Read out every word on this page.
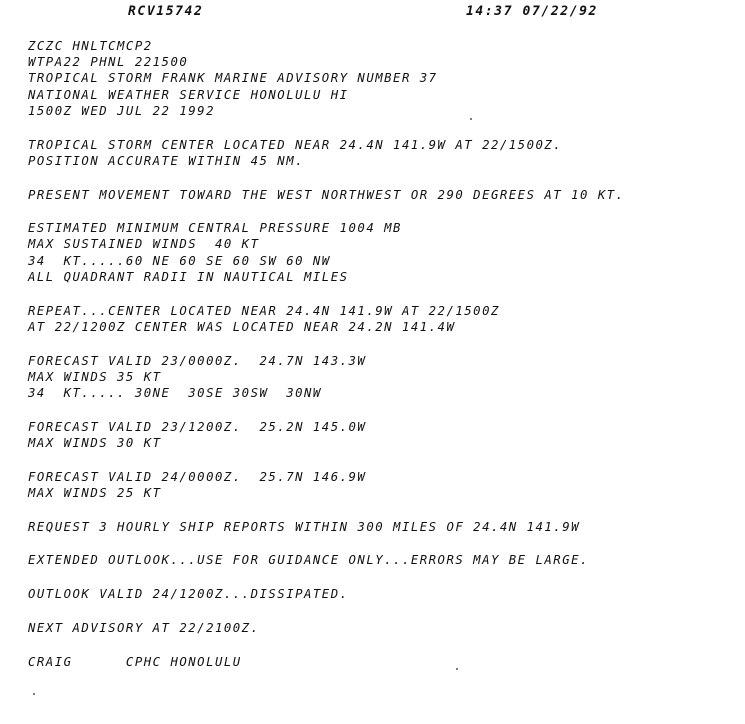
RCV15742	14:37 07/22/92
ZCZC HNLTCMCP2
WTPA22 PHNL 221500
TROPICAL STORM FRANK MARINE ADVISORY NUMBER 37
NATIONAL WEATHER SERVICE HONOLULU HI
1500Z WED JUL 22 1992
TROPICAL STORM CENTER LOCATED NEAR 24.4N 141.9W AT 22/1500Z.
POSITION ACCURATE WITHIN 45 NM.
PRESENT MOVEMENT TOWARD THE WEST NORTHWEST OR 290 DEGREES AT 10 KT.
ESTIMATED MINIMUM CENTRAL PRESSURE 1004 MB
MAX SUSTAINED WINDS  40 KT
34  KT.....60 NE 60 SE 60 SW 60 NW
ALL QUADRANT RADII IN NAUTICAL MILES
REPEAT...CENTER LOCATED NEAR 24.4N 141.9W AT 22/1500Z
AT 22/1200Z CENTER WAS LOCATED NEAR 24.2N 141.4W
FORECAST VALID 23/0000Z.  24.7N 143.3W
MAX WINDS 35 KT
34  KT..... 30NE  30SE 30SW  30NW
FORECAST VALID 23/1200Z.  25.2N 145.0W
MAX WINDS 30 KT
FORECAST VALID 24/0000Z.  25.7N 146.9W
MAX WINDS 25 KT
REQUEST 3 HOURLY SHIP REPORTS WITHIN 300 MILES OF 24.4N 141.9W
EXTENDED OUTLOOK...USE FOR GUIDANCE ONLY...ERRORS MAY BE LARGE.
OUTLOOK VALID 24/1200Z...DISSIPATED.
NEXT ADVISORY AT 22/2100Z.
CRAIG      CPHC HONOLULU
